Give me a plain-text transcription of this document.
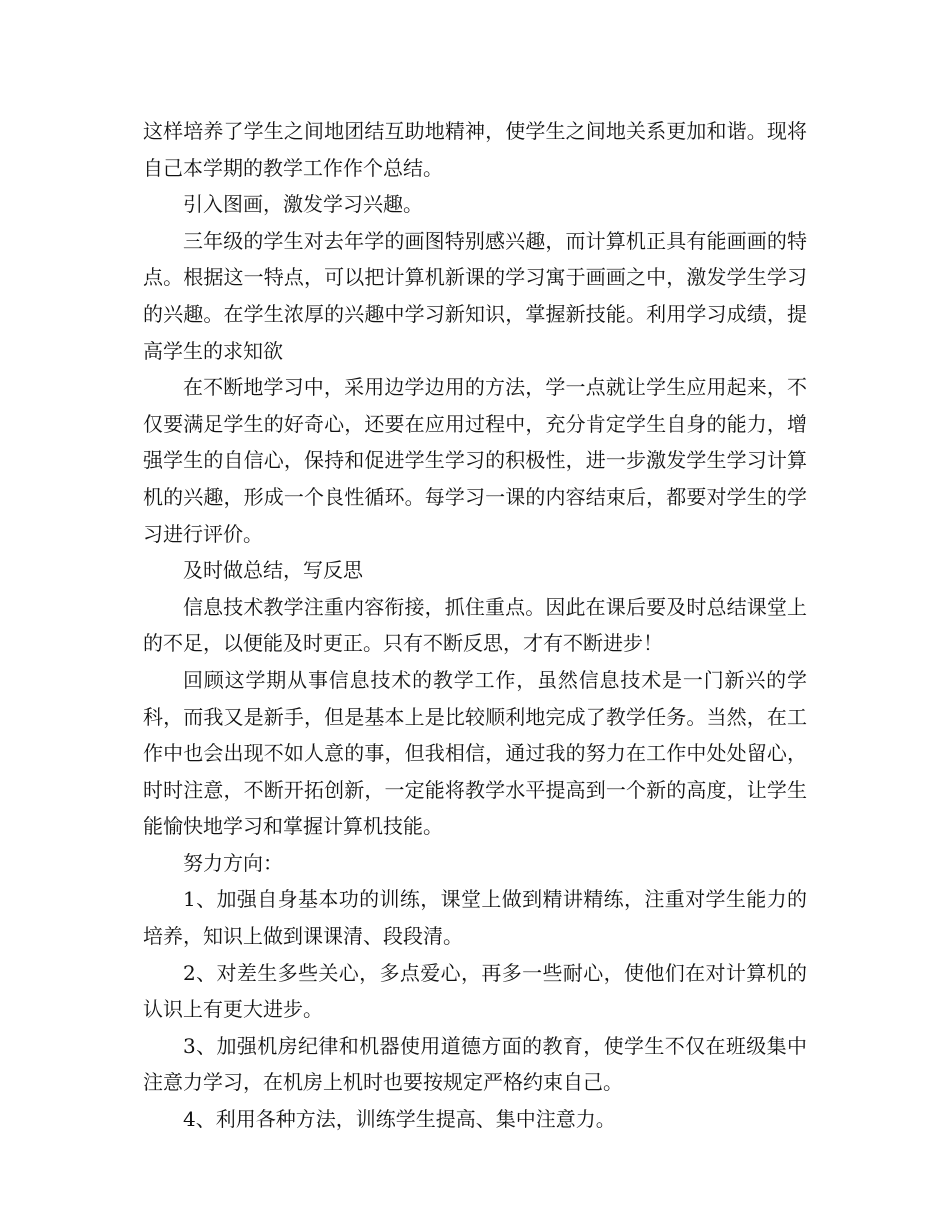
这样培养了学生之间地团结互助地精神，使学生之间地关系更加和谐。现将自己本学期的教学工作作个总结。

引入图画，激发学习兴趣。

三年级的学生对去年学的画图特别感兴趣，而计算机正具有能画画的特点。根据这一特点，可以把计算机新课的学习寓于画画之中，激发学生学习的兴趣。在学生浓厚的兴趣中学习新知识，掌握新技能。利用学习成绩，提高学生的求知欲

在不断地学习中，采用边学边用的方法，学一点就让学生应用起来，不仅要满足学生的好奇心，还要在应用过程中，充分肯定学生自身的能力，增强学生的自信心，保持和促进学生学习的积极性，进一步激发学生学习计算机的兴趣，形成一个良性循环。每学习一课的内容结束后，都要对学生的学习进行评价。

及时做总结，写反思

信息技术教学注重内容衔接，抓住重点。因此在课后要及时总结课堂上的不足，以便能及时更正。只有不断反思，才有不断进步！

回顾这学期从事信息技术的教学工作，虽然信息技术是一门新兴的学科，而我又是新手，但是基本上是比较顺利地完成了教学任务。当然，在工作中也会出现不如人意的事，但我相信，通过我的努力在工作中处处留心，时时注意，不断开拓创新，一定能将教学水平提高到一个新的高度，让学生能愉快地学习和掌握计算机技能。

努力方向：

1、加强自身基本功的训练，课堂上做到精讲精练，注重对学生能力的培养，知识上做到课课清、段段清。

2、对差生多些关心，多点爱心，再多一些耐心，使他们在对计算机的认识上有更大进步。

3、加强机房纪律和机器使用道德方面的教育，使学生不仅在班级集中注意力学习，在机房上机时也要按规定严格约束自己。

4、利用各种方法，训练学生提高、集中注意力。
